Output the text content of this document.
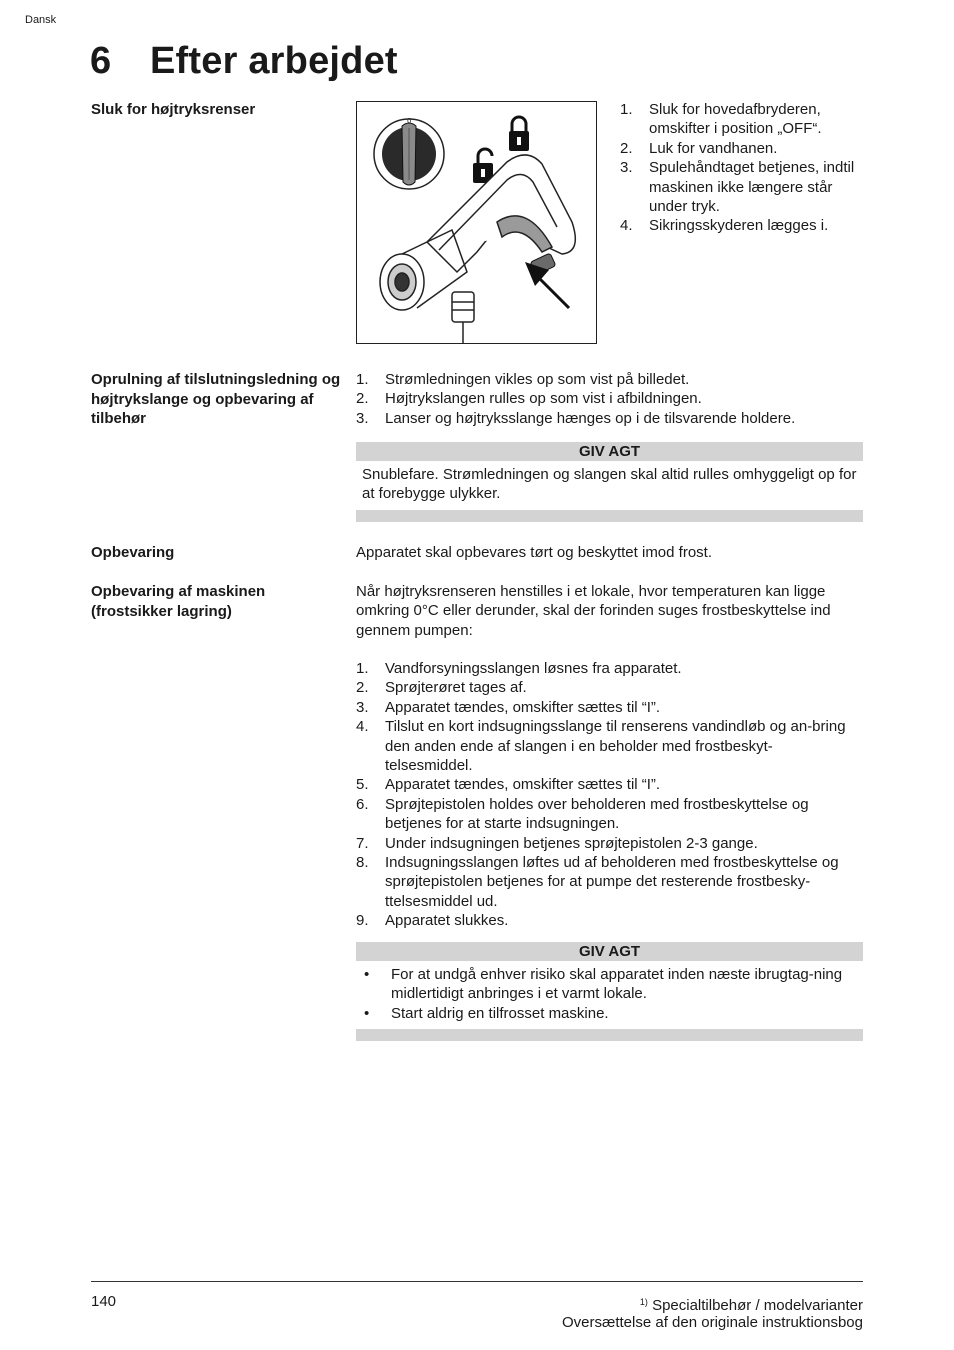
Dansk
6 Efter arbejdet
Sluk for højtryksrenser
0
1. Sluk for hovedafbryderen, omskifter i position „OFF“.
2. Luk for vandhanen.
3. Spulehåndtaget betjenes, indtil maskinen ikke længere står under tryk.
4. Sikringsskyderen lægges i.
Oprulning af tilslutningsledning og højtrykslange og opbevaring af tilbehør
1. Strømledningen vikles op som vist på billedet.
2. Højtrykslangen rulles op som vist i afbildningen.
3. Lanser og højtryksslange hænges op i de tilsvarende holdere.
GIV AGT
Snublefare. Strømledningen og slangen skal altid rulles omhyggeligt op for at forebygge ulykker.
Opbevaring	Apparatet skal opbevares tørt og beskyttet imod frost.
Opbevaring af maskinen (frostsikker lagring)
Når højtryksrenseren henstilles i et lokale, hvor temperaturen kan ligge omkring 0°C eller derunder, skal der forinden suges frostbeskyttelse ind gennem pumpen:
1. Vandforsyningsslangen løsnes fra apparatet.
2. Sprøjterøret tages af.
3. Apparatet tændes, omskifter sættes til “I”.
4. Tilslut en kort indsugningsslange til renserens vandindløb og an-bring den anden ende af slangen i en beholder med frostbeskyt-telsesmiddel.
5. Apparatet tændes, omskifter sættes til “I”.
6. Sprøjtepistolen holdes over beholderen med frostbeskyttelse og betjenes for at starte indsugningen.
7. Under indsugningen betjenes sprøjtepistolen 2-3 gange.
8. Indsugningsslangen løftes ud af beholderen med frostbeskyttelse og sprøjtepistolen betjenes for at pumpe det resterende frostbesky-ttelsesmiddel ud.
9. Apparatet slukkes.
GIV AGT
• For at undgå enhver risiko skal apparatet inden næste ibrugtag-ning midlertidigt anbringes i et varmt lokale.
• Start aldrig en tilfrosset maskine.
140	$^{1)}$ Specialtilbehør / modelvarianter
Oversættelse af den originale instruktionsbog
